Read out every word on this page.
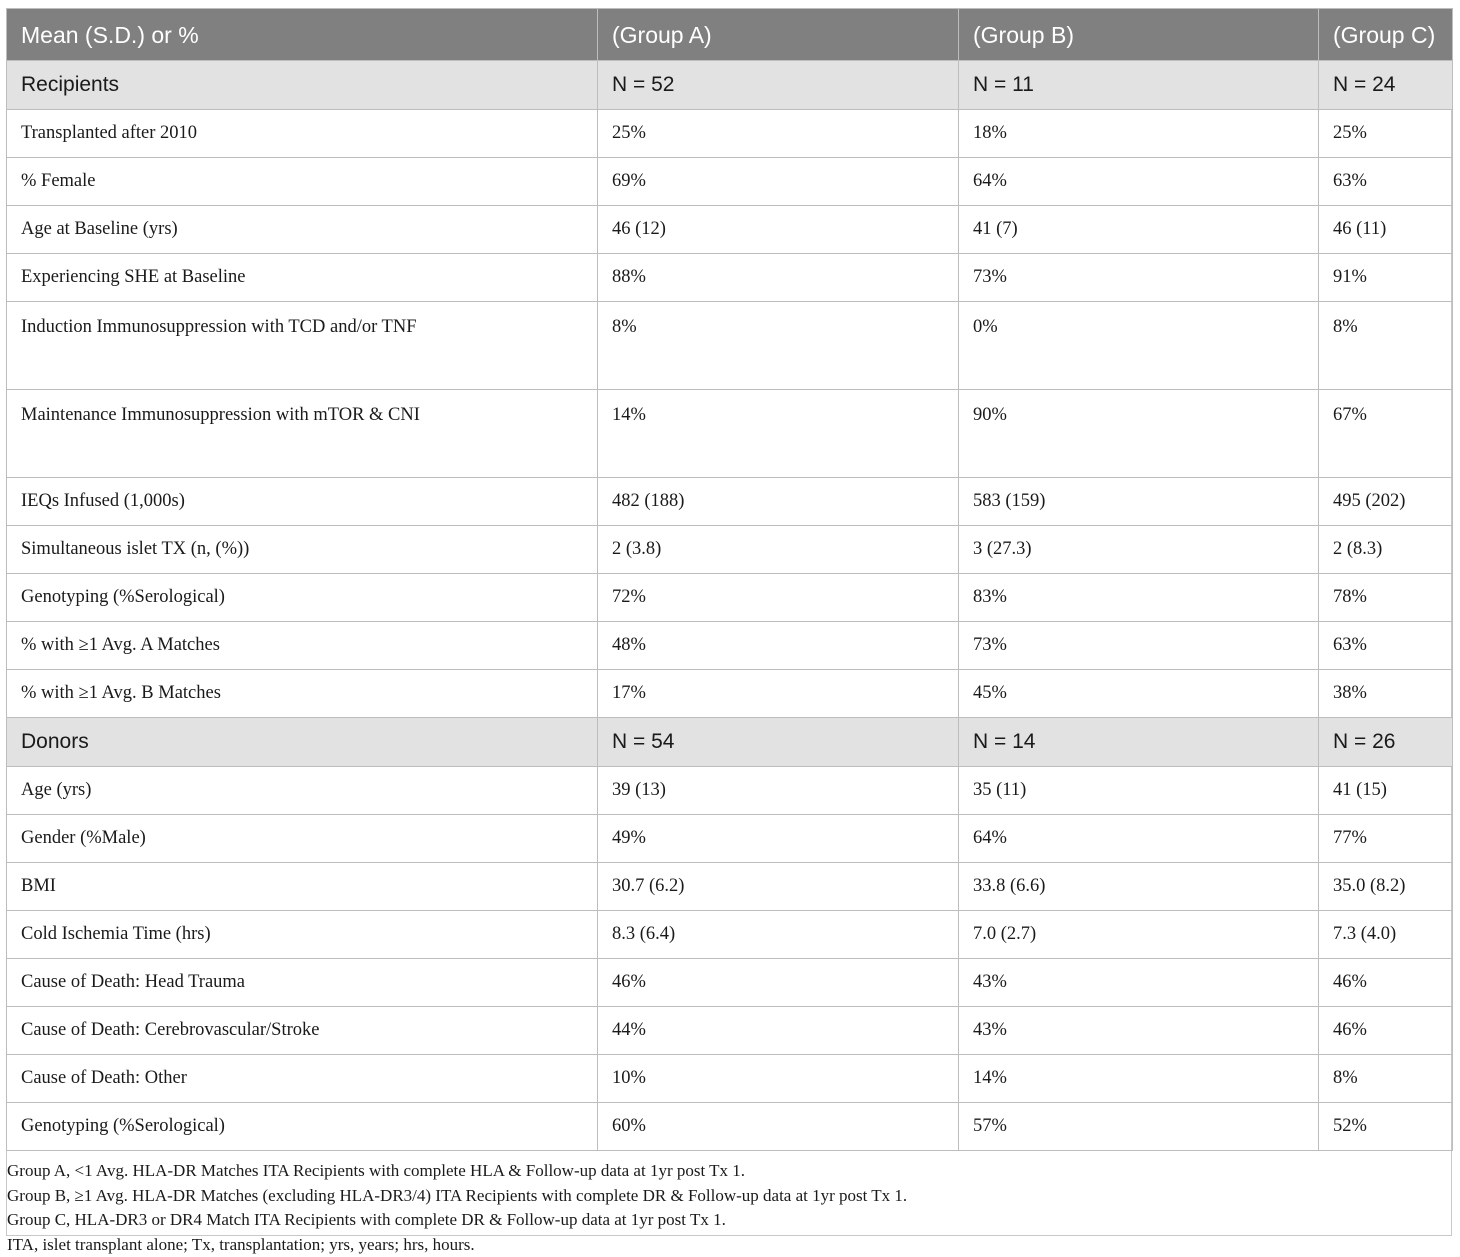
Mean (S.D.) or %	(Group A)	(Group B)	(Group C)
Recipients	N = 52	N = 11	N = 24
Transplanted after 2010	25%	18%	25%
% Female	69%	64%	63%
Age at Baseline (yrs)	46 (12)	41 (7)	46 (11)
Experiencing SHE at Baseline	88%	73%	91%
Induction Immunosuppression with TCD and/or TNF	8%	0%	8%
Maintenance Immunosuppression with mTOR & CNI	14%	90%	67%
IEQs Infused (1,000s)	482 (188)	583 (159)	495 (202)
Simultaneous islet TX (n, (%))	2 (3.8)	3 (27.3)	2 (8.3)
Genotyping (%Serological)	72%	83%	78%
% with ≥1 Avg. A Matches	48%	73%	63%
% with ≥1 Avg. B Matches	17%	45%	38%
Donors	N = 54	N = 14	N = 26
Age (yrs)	39 (13)	35 (11)	41 (15)
Gender (%Male)	49%	64%	77%
BMI	30.7 (6.2)	33.8 (6.6)	35.0 (8.2)
Cold Ischemia Time (hrs)	8.3 (6.4)	7.0 (2.7)	7.3 (4.0)
Cause of Death: Head Trauma	46%	43%	46%
Cause of Death: Cerebrovascular/Stroke	44%	43%	46%
Cause of Death: Other	10%	14%	8%
Genotyping (%Serological)	60%	57%	52%
Group A, <1 Avg. HLA-DR Matches ITA Recipients with complete HLA & Follow-up data at 1yr post Tx 1.
Group B, ≥1 Avg. HLA-DR Matches (excluding HLA-DR3/4) ITA Recipients with complete DR & Follow-up data at 1yr post Tx 1.
Group C, HLA-DR3 or DR4 Match ITA Recipients with complete DR & Follow-up data at 1yr post Tx 1.
ITA, islet transplant alone; Tx, transplantation; yrs, years; hrs, hours.
